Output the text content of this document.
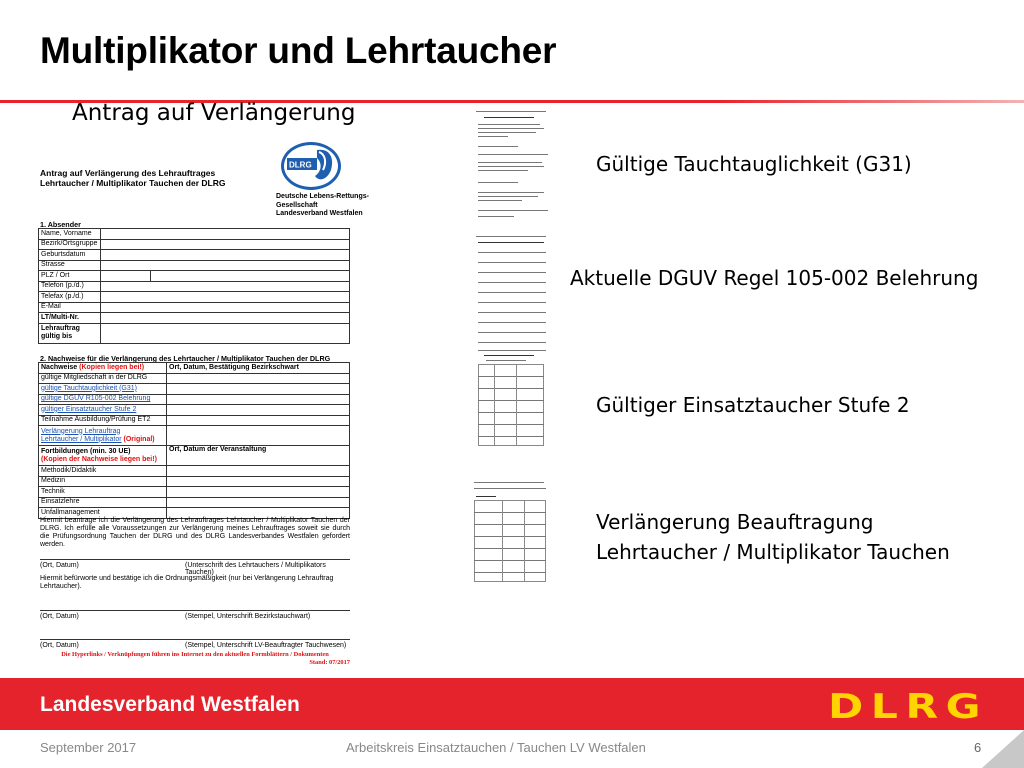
Multiplikator und Lehrtaucher
Antrag auf Verlängerung
Antrag auf Verlängerung des Lehrauftrages
Lehrtaucher / Multiplikator Tauchen der DLRG
DLRG
Deutsche Lebens-Rettungs-
Gesellschaft
Landesverband Westfalen
1. Absender
Name, Vorname		
Bezirk/Ortsgruppe		
Geburtsdatum		
Strasse		
PLZ / Ort		
Telefon (p./d.)		
Telefax (p./d.)		
E-Mail		
LT/Multi-Nr.		

Lehrauftrag
gültig bis		

2. Nachweise für die Verlängerung des Lehrtaucher / Multiplikator Tauchen der DLRG
Nachweise (Kopien liegen bei!)	Ort, Datum, Bestätigung Bezirkschwart
gültige Mitgliedschaft in der DLRG	
gültige Tauchtauglichkeit (G31)	
gültige DGUV R105-002 Belehrung	
gültiger Einsatztaucher Stufe 2	
Teilnahme Ausbildung/Prüfung ET2	

Verlängerung Lehrauftrag
Lehrtaucher / Multiplikator (Original)	

Fortbildungen (min. 30 UE)
(Kopien der Nachweise liegen bei!)	Ort, Datum der Veranstaltung
Methodik/Didaktik	
Medizin	
Technik	
Einsatzlehre	
Unfallmanagement	
Hiermit beantrage ich die Verlängerung des Lehrauftrages Lehrtaucher / Multiplikator Tauchen der DLRG. Ich erfülle alle Voraussetzungen zur Verlängerung meines Lehrauftrages soweit sie durch die Prüfungsordnung Tauchen der DLRG und des DLRG Landesverbandes Westfalen gefordert werden.
(Ort, Datum)	(Unterschrift des Lehrtauchers / Multiplikators Tauchen)
Hiermit befürworte und bestätige ich die Ordnungsmäßigkeit (nur bei Verlängerung Lehrauftrag Lehrtaucher).
(Ort, Datum)	(Stempel, Unterschrift Bezirkstauchwart)
(Ort, Datum)	(Stempel, Unterschrift LV-Beauftragter Tauchwesen)
Die Hyperlinks / Verknüpfungen führen ins Internet zu den aktuellen Formblättern / Dokumenten
Stand: 07/2017
Gültige Tauchtauglichkeit (G31)
Aktuelle DGUV Regel 105-002 Belehrung
Gültiger Einsatztaucher Stufe 2
Verlängerung Beauftragung
Lehrtaucher / Multiplikator Tauchen
Landesverband Westfalen	DLRG
September 2017	Arbeitskreis Einsatztauchen / Tauchen LV Westfalen	6
